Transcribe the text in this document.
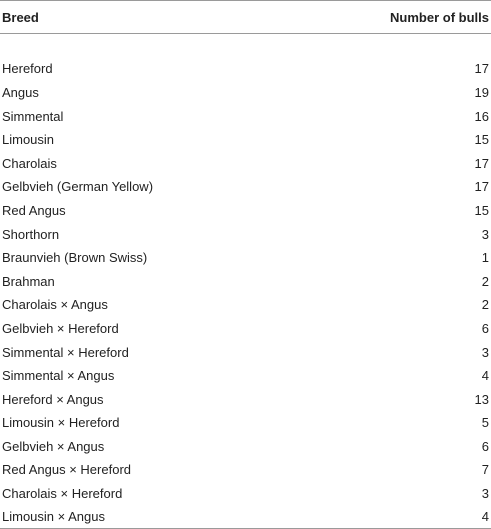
Breed	Number of bulls

Hereford	17
Angus	19
Simmental	16
Limousin	15
Charolais	17
Gelbvieh (German Yellow)	17
Red Angus	15
Shorthorn	3
Braunvieh (Brown Swiss)	1
Brahman	2
Charolais × Angus	2
Gelbvieh × Hereford	6
Simmental × Hereford	3
Simmental × Angus	4
Hereford × Angus	13
Limousin × Hereford	5
Gelbvieh × Angus	6
Red Angus × Hereford	7
Charolais × Hereford	3
Limousin × Angus	4
